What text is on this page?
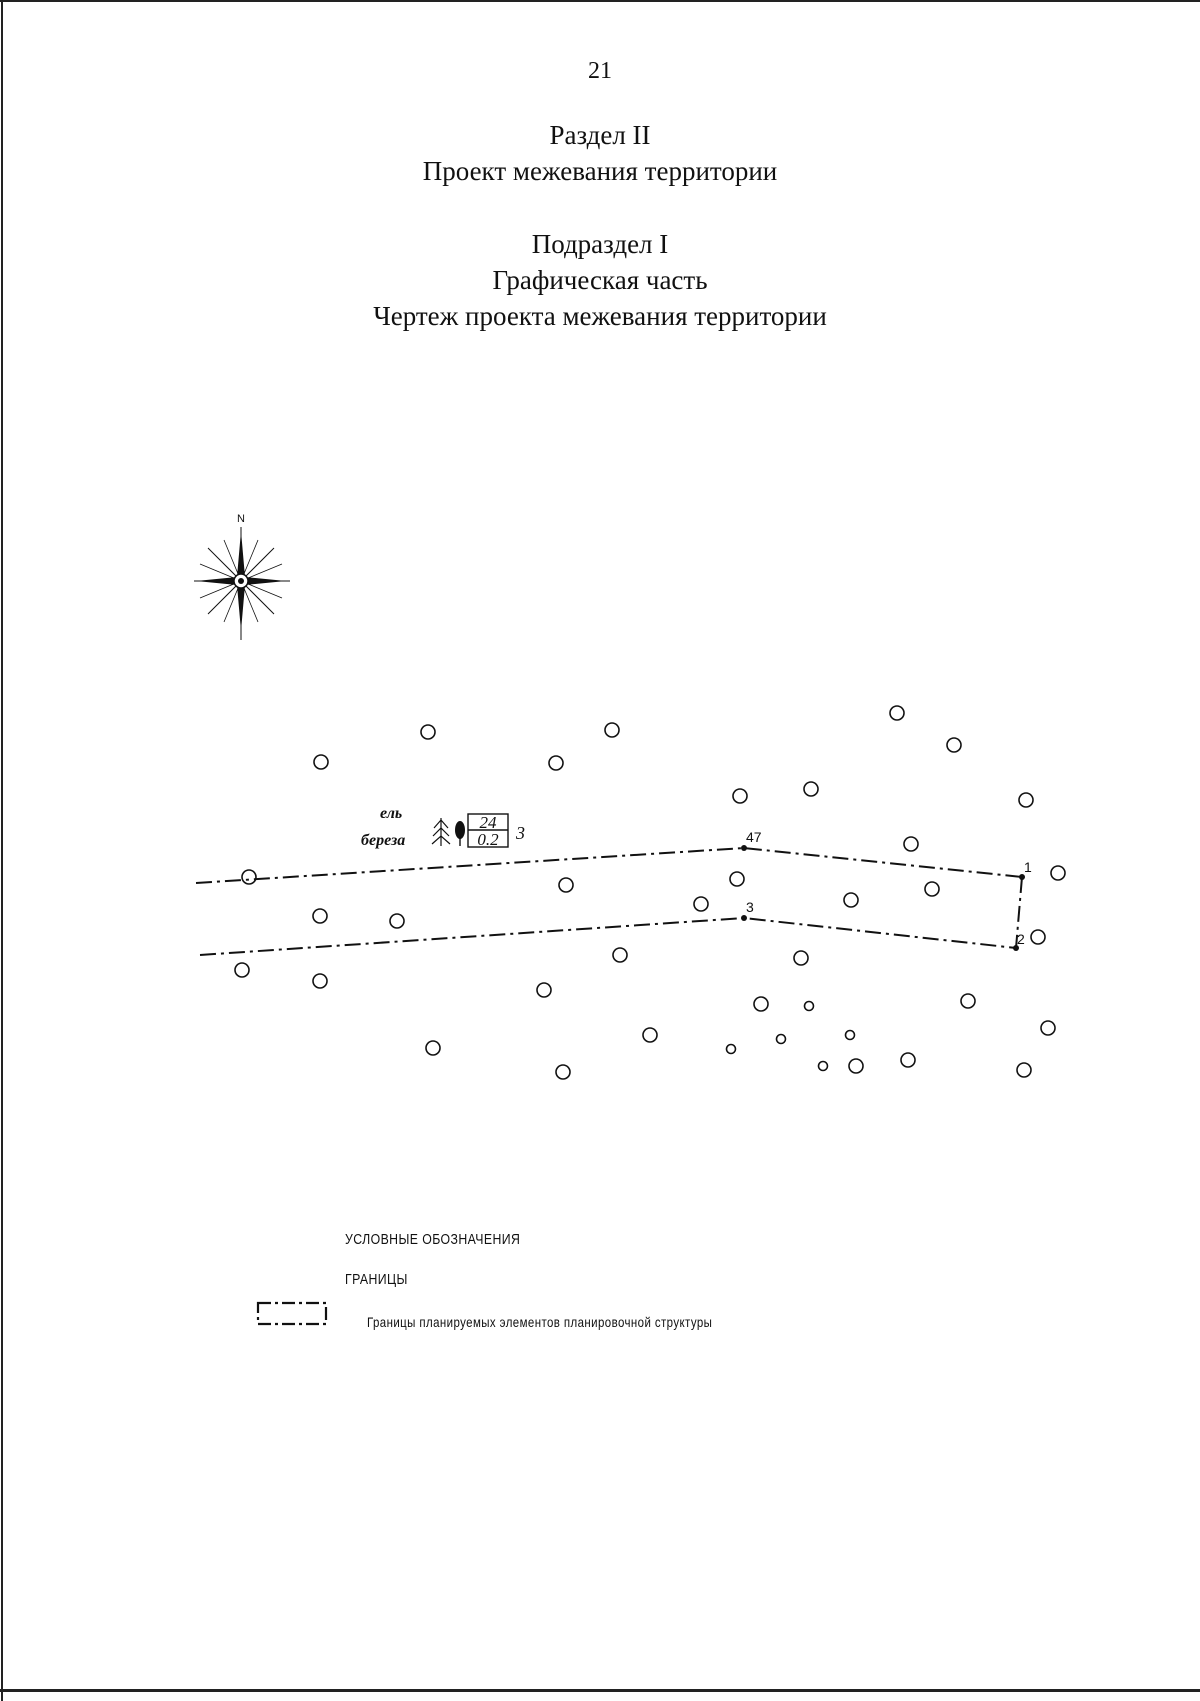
21
Раздел II
Проект межевания территории
Подраздел I
Графическая часть
Чертеж проекта межевания территории
N
47
3
1
2
ель
береза
24
0.2 3
УСЛОВНЫЕ ОБОЗНАЧЕНИЯ
ГРАНИЦЫ
Границы планируемых элементов планировочной структуры
